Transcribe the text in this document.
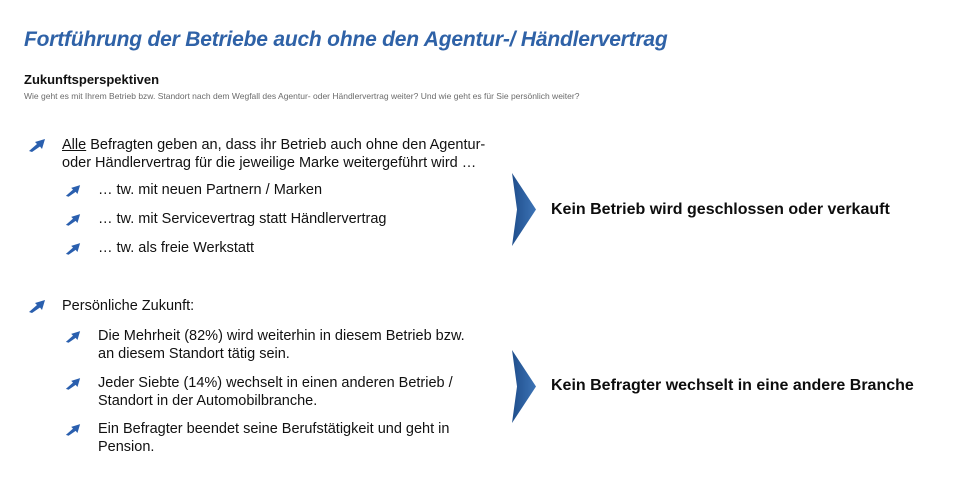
Fortführung der Betriebe auch ohne den Agentur-/ Händlervertrag
Zukunftsperspektiven
Wie geht es mit Ihrem Betrieb bzw. Standort nach dem Wegfall des Agentur- oder Händlervertrag weiter? Und wie geht es für Sie persönlich weiter?
Alle Befragten geben an, dass ihr Betrieb auch ohne den Agentur-
oder Händlervertrag für die jeweilige Marke weitergeführt wird …
… tw. mit neuen Partnern / Marken
… tw. mit Servicevertrag statt Händlervertrag
… tw. als freie Werkstatt
Kein Betrieb wird geschlossen oder verkauft
Persönliche Zukunft:
Die Mehrheit (82%) wird weiterhin in diesem Betrieb bzw.
an diesem Standort tätig sein.
Jeder Siebte (14%) wechselt in einen anderen Betrieb /
Standort in der Automobilbranche.
Ein Befragter beendet seine Berufstätigkeit und geht in
Pension.
Kein Befragter wechselt in eine andere Branche
